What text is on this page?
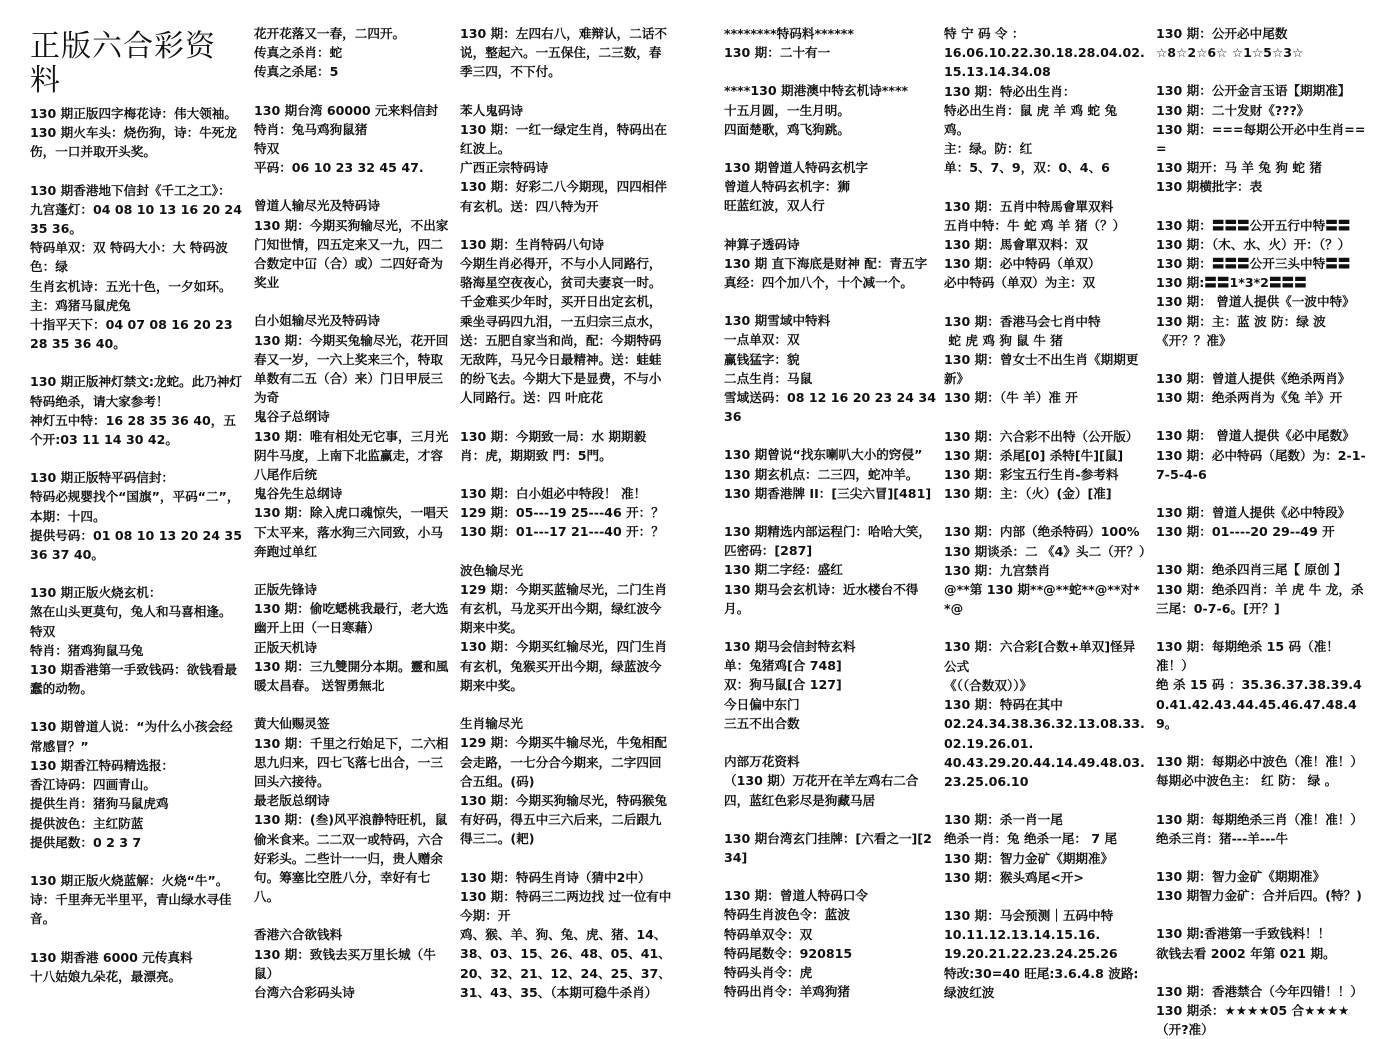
正版六合彩资料
130 期正版四字梅花诗：伟大领袖。
130 期火车头：烧伤狗，诗：牛死龙伤，一口并取开头奖。
130 期香港地下信封《千工之工》：
九宫蓬灯：04 08 10 13 16 20 24 35 36。
特码单双：双 特码大小：大 特码波色：绿
生肖玄机诗：五光十色，一夕如环。主：鸡猪马鼠虎兔
十指平天下：04 07 08 16 20 23 28 35 36 40。
130 期正版神灯禁文:龙蛇。此乃神灯特码绝杀，请大家参考！
神灯五中特：16 28 35 36 40，五个开:03 11 14 30 42。
130 期正版特平码信封：
特码必规婴找个“国旗”，平码“二”，本期：十四。
提供号码：01 08 10 13 20 24 35 36 37 40。
130 期正版火烧玄机：
煞在山头更莫句，兔人和马喜相逢。
特双
特肖：猪鸡狗鼠马兔
130 期香港第一手致钱码：欲钱看最蠢的动物。
130 期曾道人说：“为什么小孩会经常感冒？”
130 期香江特码精选报：
香江诗码：四画青山。
提供生肖：猪狗马鼠虎鸡
提供波色：主红防蓝
提供尾数：0 2 3 7
130 期正版火烧蓝解：火烧“牛”。诗：千里奔无半里平，青山绿水寻佳音。
130 期香港 6000 元传真料
十八姑娘九朵花，最漂亮。
花开花落又一春，二四开。
传真之杀肖：蛇
传真之杀尾：5
130 期台湾 60000 元来料信封
特肖：兔马鸡狗鼠猪
特双
平码：06 10 23 32 45 47.
曾道人输尽光及特码诗
130 期：今期买狗输尽光，不出家门知世情，四五定来又一九，四二合数定中冚（合）或）二四好奇为奖业
白小姐输尽光及特码诗
130 期：今期买兔输尽光，花开回春又一岁，一六上奖来三个，特取单数有二五（合）来）门日甲辰三为奇
鬼谷子总纲诗
130 期：唯有相处无它事，三月光阴牛马度，上南下北监赢走，才容八尾作后统
鬼谷先生总纲诗
130 期：除入虎口魂惊失，一唱天下太平来，落水狗三六同致，小马奔跑过单红
正版先锋诗
130 期：偷吃蟋桃我最行，老大选幽开上田（一日寒藉）
正版天机诗
130 期：三九雙開分本期。靈和風暖太昌春。 送智勇無北
黄大仙赐灵签
130 期：千里之行始足下，二六相思九归来，四七飞落七出合，一三回头六接待。
最老版总纲诗
130 期：(叁)风平浪静特旺机，鼠偷米食来。二二双一或特码，六合好彩头。二些计一一归，贵人赠余句。筹塞比空胜八分，幸好有七八。
香港六合欲钱料
130 期：致钱去买万里长城（牛鼠）
台湾六合彩码头诗
130 期：左四右八，难辩认，二话不说，整起六。一五保住，二三数，春季三四，不下付。
苯人鬼码诗
130 期：一红一绿定生肖，特码出在红波上。
广西正宗特码诗
130 期：好彩二八今期现，四四相伴有玄机。送：四八特为开
130 期：生肖特码八句诗
今期生肖必得开，不与小人同路行，骆海星空夜夜心，贫司夫妻哀一时。千金难买少年时，买开日出定玄机，乘坐寻码四九泪，一五归宗三点水，送：五肥自家当和尚，配：今期特码无敌阵，马兄今日最精神。送：蛙蛙的纷飞去。今期大下是显费，不与小人同路行。送：四 叶庇花
130 期：今期致一局：水 期期毅 肖：虎，期期致 門：5門。
130 期：白小姐必中特段！ 准！
129 期：05---19 25---46 开：？
130 期：01---17 21---40 开：？
波色输尽光
129 期：今期买蓝输尽光，二门生肖有玄机，马龙买开出今期，绿红波今期来中奖。
130 期：今期买红输尽光，四门生肖有玄机，兔猴买开出今期，绿蓝波今期来中奖。
生肖输尽光
129 期：今期买牛输尽光，牛兔相配会走路，一七分合今期来，二字四回合五组。(码)
130 期：今期买狗输尽光，特码猴兔有好码，得五中三六后来，二后跟九得三二。(耙)
130 期：特码生肖诗（猜中2中）
130 期：特码三二两边找 过一位有中 今期：开
鸡、猴、羊、狗、兔、虎、猪、14、38、03、15、26、48、05、41、20、32、21、12、24、25、37、31、43、35、（本期可稳牛杀肖）
********特码料******
130 期：二十有一
****130 期港澳中特玄机诗****
十五月圆，一生月明。
四面楚歌，鸡飞狗跳。
130 期曾道人特码玄机字
曾道人特码玄机字：狮
旺蓝红波，双人行
神算子透码诗
130 期 直下海底是财神 配：青五字真经：四个加八个，十个减一个。
130 期雪域中特料
一点单双：双
赢钱猛字：貌
二点生肖：马鼠
雪域送码：08 12 16 20 23 24 34 36
130 期曾说“找东喇叭大小的窍侵”
130 期玄机点：二三四，蛇冲羊。
130 期香港牌 II：[三尖六冒][481]
130 期精选内部运程门：哈哈大笑，
匹密码：[287]
130 期二字经：盛红
130 期马会玄机诗：近水楼台不得月。
130 期马会信封特玄料
单：兔猪鸡[合 748]
双：狗马鼠[合 127]
今日偏中东门
三五不出合数
内部万花资料
（130 期）万花开在羊左鸡右二合四，蓝红色彩尽是狗藏马居
130 期台湾玄门挂牌：[六看之一][234]
130 期：曾道人特码口令
特码生肖波色令：蓝波
特码单双令：双
特码尾数令：920815
特码头肖令：虎
特码出肖令：羊鸡狗猪
特 宁 码 令 ：
16.06.10.22.30.18.28.04.02.15.13.14.34.08
130 期：特必出生肖：
特必出生肖：鼠 虎 羊 鸡 蛇 兔 鸡。
主：绿。防：红
单：5、7、9，双：0、4、6
130 期：五肖中特馬會單双料
五肖中特：牛 蛇 鸡 羊 猪（？）
130 期：馬會單双料：双
130 期：必中特码（单双）
必中特码（单双）为主：双
130 期：香港马会七肖中特
蛇 虎 鸡 狗 鼠 牛 猪
130 期：曾女士不出生肖《期期更新》
130 期：（牛 羊）准 开
130 期：六合彩不出特（公开版）
130 期：杀尾[0] 杀特[牛][鼠]
130 期：彩宝五行生肖-参考料
130 期：主：（火）(金）[准]
130 期：内部（绝杀特码）100%
130 期谈杀：二 《4》头二（开？）
130 期：九宫禁肖
@**第 130 期**@**蛇**@**对**@
130 期：六合彩[合数+单双]怪异公式
《（（合数双））》
130 期：特码在其中
02.24.34.38.36.32.13.08.33.02.19.26.01.
40.43.29.20.44.14.49.48.03.23.25.06.10
130 期：杀一肖一尾
绝杀一肖：兔 绝杀一尾： 7 尾
130 期：智力金矿《期期准》
130 期：猴头鸡尾<开>
130 期：马会预测｜五码中特
10.11.12.13.14.15.16.
19.20.21.22.23.24.25.26
特改:30=40 旺尾:3.6.4.8 波路:绿波红波
130 期：公开必中尾数
☆8☆2☆6☆ ☆1☆5☆3☆
130 期：公开金言玉语【期期准】
130 期：二十发财《???》
130 期：===每期公开必中生肖===
130 期开：马 羊 兔 狗 蛇 猪
130 期横批字：表
130 期：〓〓〓公开五行中特〓〓
130 期：（木、水、火）开：（？）
130 期：〓〓〓公开三头中特〓〓
130 期:〓〓1*3*2〓〓〓
130 期： 曾道人提供《一波中特》
130 期：主：蓝 波 防：绿 波《开？？准》
130 期：曾道人提供《绝杀两肖》
130 期：绝杀两肖为《兔 羊》开
130 期： 曾道人提供《必中尾数》
130 期：必中特码（尾数）为：2-1-7-5-4-6
130 期：曾道人提供《必中特段》
130 期：01----20 29--49 开
130 期：绝杀四肖三尾【 原创 】
130 期：绝杀四肖：羊 虎 牛 龙，杀三尾：0-7-6。[开？]
130 期：每期绝杀 15 码（准！准！）
绝 杀 15 码 ：35.36.37.38.39.40.41.42.43.44.45.46.47.48.49。
130 期：每期必中波色（准！准！）
每期必中波色主： 红 防： 绿 。
130 期：每期绝杀三肖（准！准！）
绝杀三肖：猪---羊---牛
130 期：智力金矿《期期准》
130 期智力金矿：合并后四。(特？)
130 期:香港第一手致钱料！！
欲钱去看 2002 年第 021 期。
130 期：香港禁合（今年四错！！）
130 期杀：★★★★05 合★★★★（开?准）
